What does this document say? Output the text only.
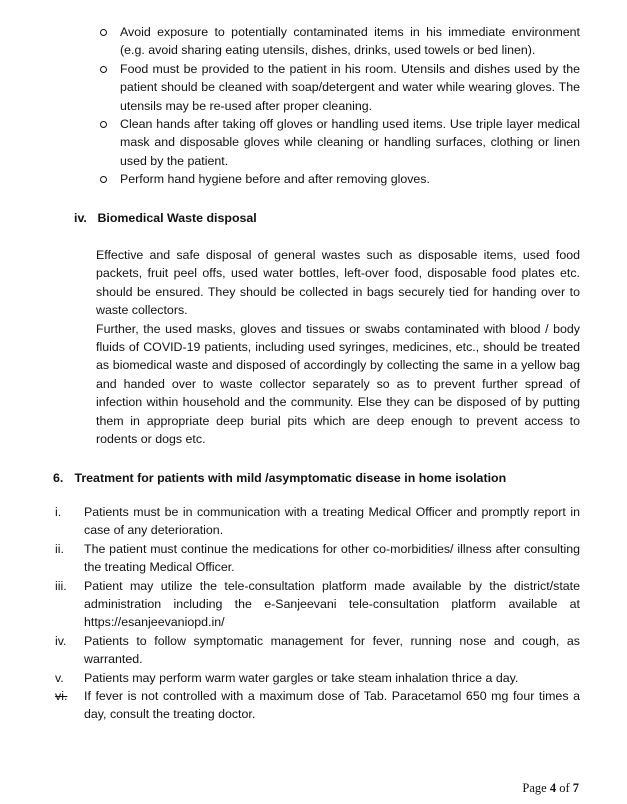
Avoid exposure to potentially contaminated items in his immediate environment (e.g. avoid sharing eating utensils, dishes, drinks, used towels or bed linen).
Food must be provided to the patient in his room. Utensils and dishes used by the patient should be cleaned with soap/detergent and water while wearing gloves. The utensils may be re-used after proper cleaning.
Clean hands after taking off gloves or handling used items. Use triple layer medical mask and disposable gloves while cleaning or handling surfaces, clothing or linen used by the patient.
Perform hand hygiene before and after removing gloves.
iv. Biomedical Waste disposal

Effective and safe disposal of general wastes such as disposable items, used food packets, fruit peel offs, used water bottles, left-over food, disposable food plates etc. should be ensured. They should be collected in bags securely tied for handing over to waste collectors.

Further, the used masks, gloves and tissues or swabs contaminated with blood / body fluids of COVID-19 patients, including used syringes, medicines, etc., should be treated as biomedical waste and disposed of accordingly by collecting the same in a yellow bag and handed over to waste collector separately so as to prevent further spread of infection within household and the community. Else they can be disposed of by putting them in appropriate deep burial pits which are deep enough to prevent access to rodents or dogs etc.

6. Treatment for patients with mild /asymptomatic disease in home isolation
i. Patients must be in communication with a treating Medical Officer and promptly report in case of any deterioration.
ii. The patient must continue the medications for other co-morbidities/ illness after consulting the treating Medical Officer.
iii. Patient may utilize the tele-consultation platform made available by the district/state administration including the e-Sanjeevani tele-consultation platform available at https://esanjeevaniopd.in/
iv. Patients to follow symptomatic management for fever, running nose and cough, as warranted.
v. Patients may perform warm water gargles or take steam inhalation thrice a day.
vi. If fever is not controlled with a maximum dose of Tab. Paracetamol 650 mg four times a day, consult the treating doctor.
Page 4 of 7
